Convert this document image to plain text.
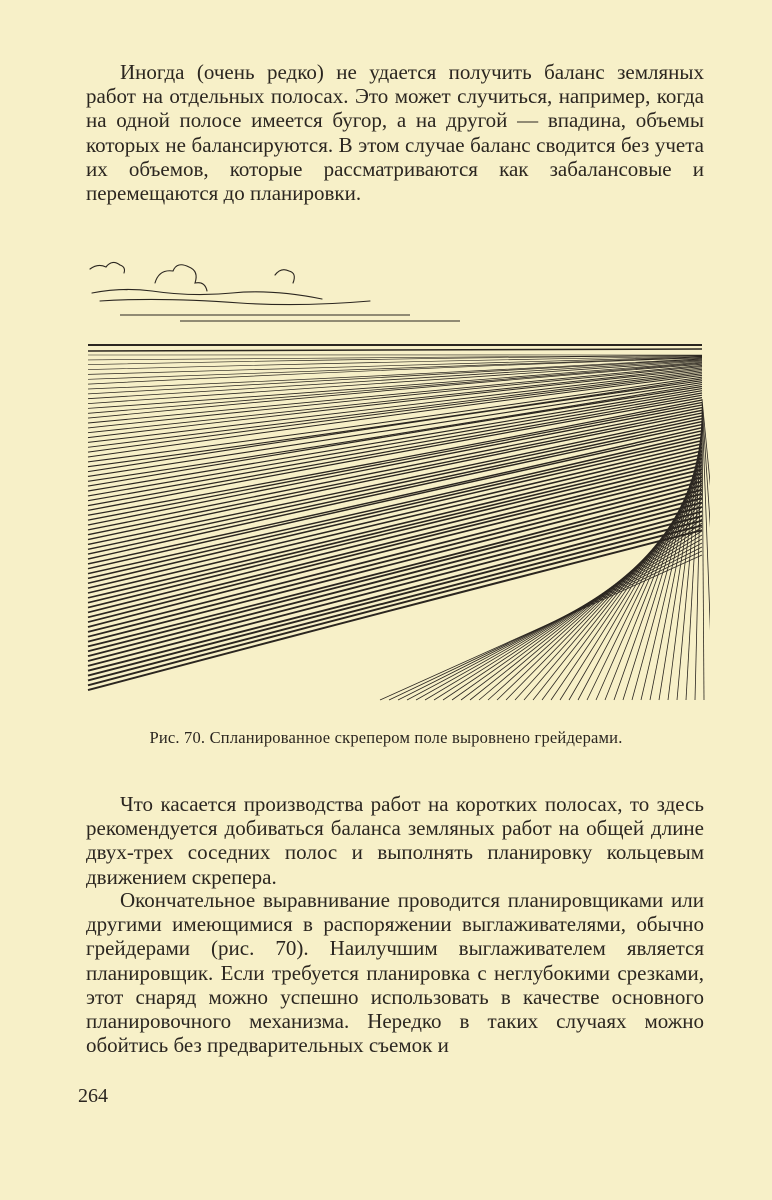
Иногда (очень редко) не удается получить баланс земляных работ на отдельных полосах. Это может случиться, например, когда на одной полосе имеется бугор, а на другой — впадина, объемы которых не балансируются. В этом случае баланс сводится без учета их объемов, которые рассматриваются как забалансовые и перемещаются до планировки.

Рис. 70. Спланированное скрепером поле выровнено грейдерами.

Что касается производства работ на коротких полосах, то здесь рекомендуется добиваться баланса земляных работ на общей длине двух-трех соседних полос и выполнять планировку кольцевым движением скрепера.

Окончательное выравнивание проводится планировщиками или другими имеющимися в распоряжении выглаживателями, обычно грейдерами (рис. 70). Наилучшим выглаживателем является планировщик. Если требуется планировка с неглубокими срезками, этот снаряд можно успешно использовать в качестве основного планировочного механизма. Нередко в таких случаях можно обойтись без предварительных съемок и

264
